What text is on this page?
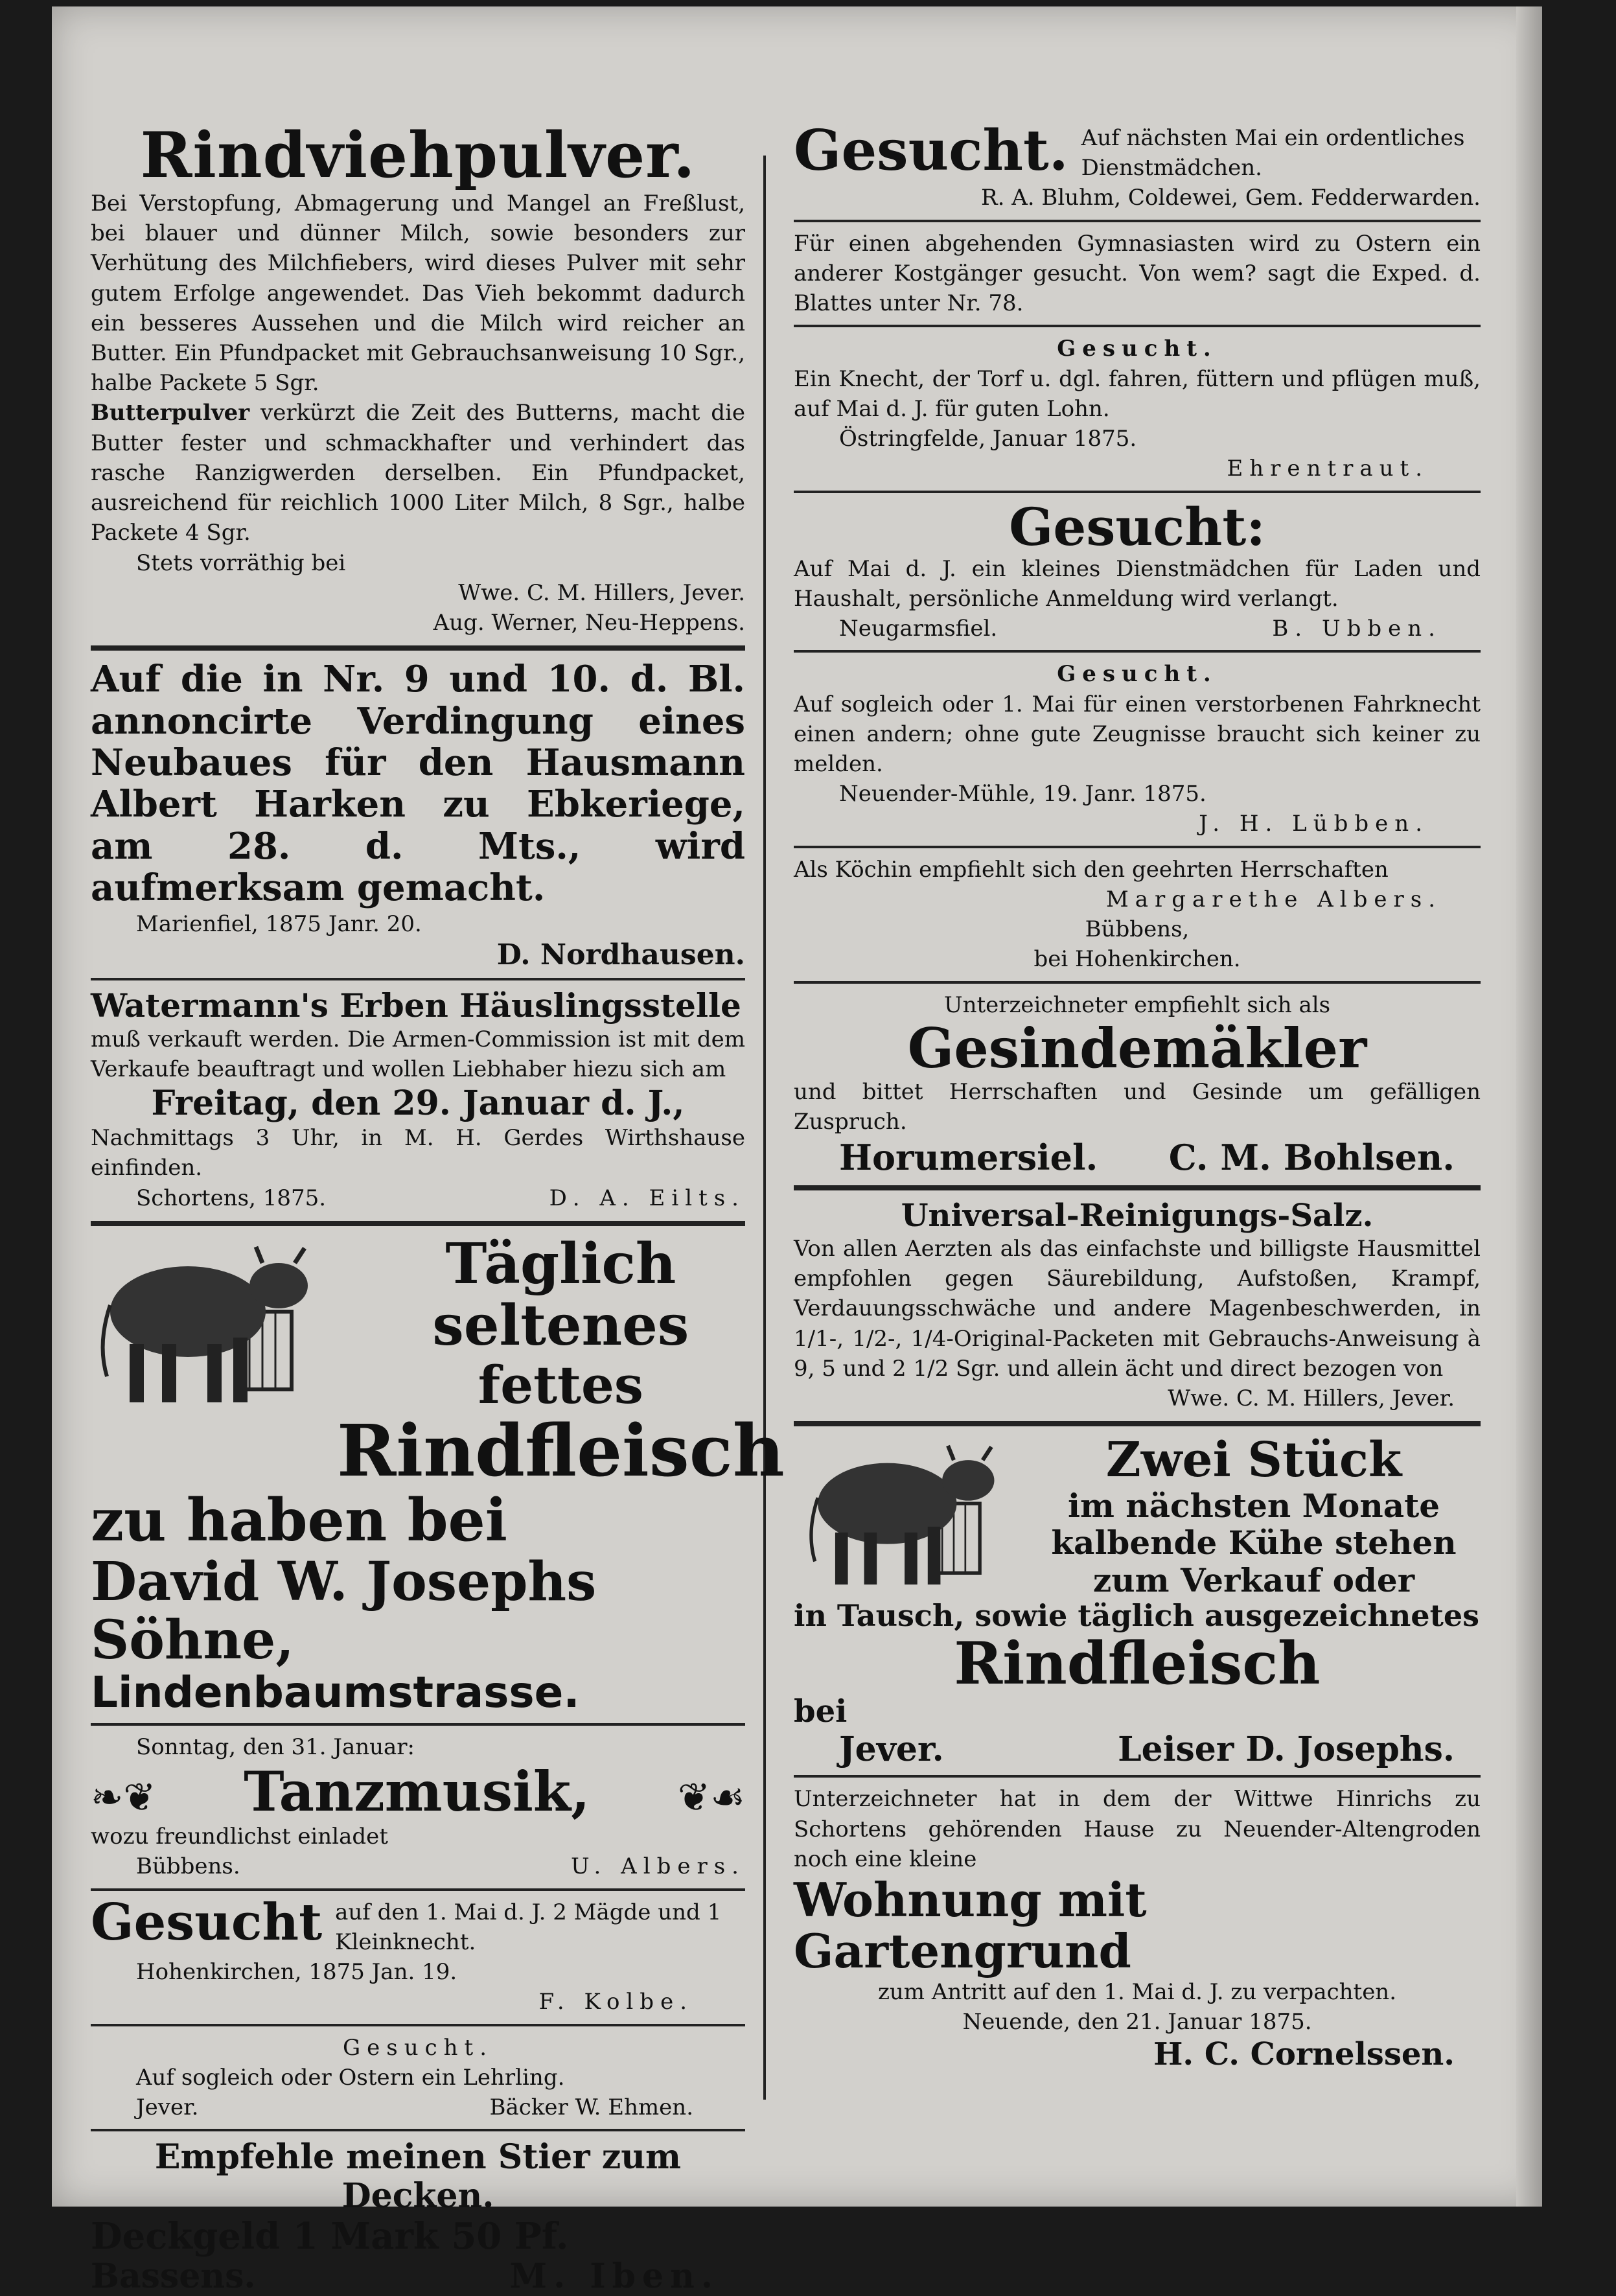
Rindviehpulver.

Bei Verstopfung, Abmagerung und Mangel an Freßlust, bei blauer und dünner Milch, sowie besonders zur Verhütung des Milchfiebers, wird dieses Pulver mit sehr gutem Erfolge angewendet. Das Vieh bekommt dadurch ein besseres Aussehen und die Milch wird reicher an Butter. Ein Pfundpacket mit Gebrauchsanweisung 10 Sgr., halbe Packete 5 Sgr.

Butterpulver verkürzt die Zeit des Butterns, macht die Butter fester und schmackhafter und verhindert das rasche Ranzigwerden derselben. Ein Pfundpacket, ausreichend für reichlich 1000 Liter Milch, 8 Sgr., halbe Packete 4 Sgr.

Stets vorräthig bei
Wwe. C. M. Hillers, Jever.
Aug. Werner, Neu-Heppens.

Auf die in Nr. 9 und 10. d. Bl. annoncirte Verdingung eines Neubaues für den Hausmann Albert Harken zu Ebkeriege, am 28. d. Mts., wird aufmerksam gemacht.

Marienfiel, 1875 Janr. 20.
D. Nordhausen.
Watermann's Erben Häuslingsstelle

muß verkauft werden. Die Armen-Commission ist mit dem Verkaufe beauftragt und wollen Liebhaber hiezu sich am

Freitag, den 29. Januar d. J.,

Nachmittags 3 Uhr, in M. H. Gerdes Wirthshause einfinden.

Schortens, 1875.	D. A. Eilts.
Täglich seltenes
fettes
Rindfleisch
zu haben bei
David W. Josephs Söhne,
Lindenbaumstrasse.
Sonntag, den 31. Januar:
❧❦ Tanzmusik, ❦☙
wozu freundlichst einladet
Bübbens.	U. Albers.
Gesucht auf den 1. Mai d. J. 2 Mägde und 1 Kleinknecht.
Hohenkirchen, 1875 Jan. 19.
F. Kolbe.
Gesucht.
Auf sogleich oder Ostern ein Lehrling.
Jever.	Bäcker W. Ehmen.
Empfehle meinen Stier zum Decken.
Deckgeld 1 Mark 50 Pf.
Bassens.	M. Iben.
Gesucht. Auf nächsten Mai ein ordentliches Dienstmädchen.
R. A. Bluhm, Coldewei, Gem. Fedderwarden.

Für einen abgehenden Gymnasiasten wird zu Ostern ein anderer Kostgänger gesucht. Von wem? sagt die Exped. d. Blattes unter Nr. 78.

Gesucht.

Ein Knecht, der Torf u. dgl. fahren, füttern und pflügen muß, auf Mai d. J. für guten Lohn.

Östringfelde, Januar 1875.
Ehrentraut.
Gesucht:

Auf Mai d. J. ein kleines Dienstmädchen für Laden und Haushalt, persönliche Anmeldung wird verlangt.

Neugarmsfiel.	B. Ubben.
Gesucht.

Auf sogleich oder 1. Mai für einen verstorbenen Fahrknecht einen andern; ohne gute Zeugnisse braucht sich keiner zu melden.

Neuender-Mühle, 19. Janr. 1875.
J. H. Lübben.

Als Köchin empfiehlt sich den geehrten Herrschaften

Margarethe Albers.
Bübbens,
bei Hohenkirchen.
Unterzeichneter empfiehlt sich als
Gesindemäkler

und bittet Herrschaften und Gesinde um gefälligen Zuspruch.

Horumersiel. C. M. Bohlsen.
Universal-Reinigungs-Salz.

Von allen Aerzten als das einfachste und billigste Hausmittel empfohlen gegen Säurebildung, Aufstoßen, Krampf, Verdauungsschwäche und andere Magenbeschwerden, in 1/1-, 1/2-, 1/4-Original-Packeten mit Gebrauchs-Anweisung à 9, 5 und 2 1/2 Sgr. und allein ächt und direct bezogen von

Wwe. C. M. Hillers, Jever.
Zwei Stück
im nächsten Monate
kalbende Kühe stehen
zum Verkauf oder
in Tausch, sowie täglich ausgezeichnetes
Rindfleisch
bei
Jever.	Leiser D. Josephs.

Unterzeichneter hat in dem der Wittwe Hinrichs zu Schortens gehörenden Hause zu Neuender-Altengroden noch eine kleine

Wohnung mit Gartengrund
zum Antritt auf den 1. Mai d. J. zu verpachten.
Neuende, den 21. Januar 1875.
H. C. Cornelssen.
